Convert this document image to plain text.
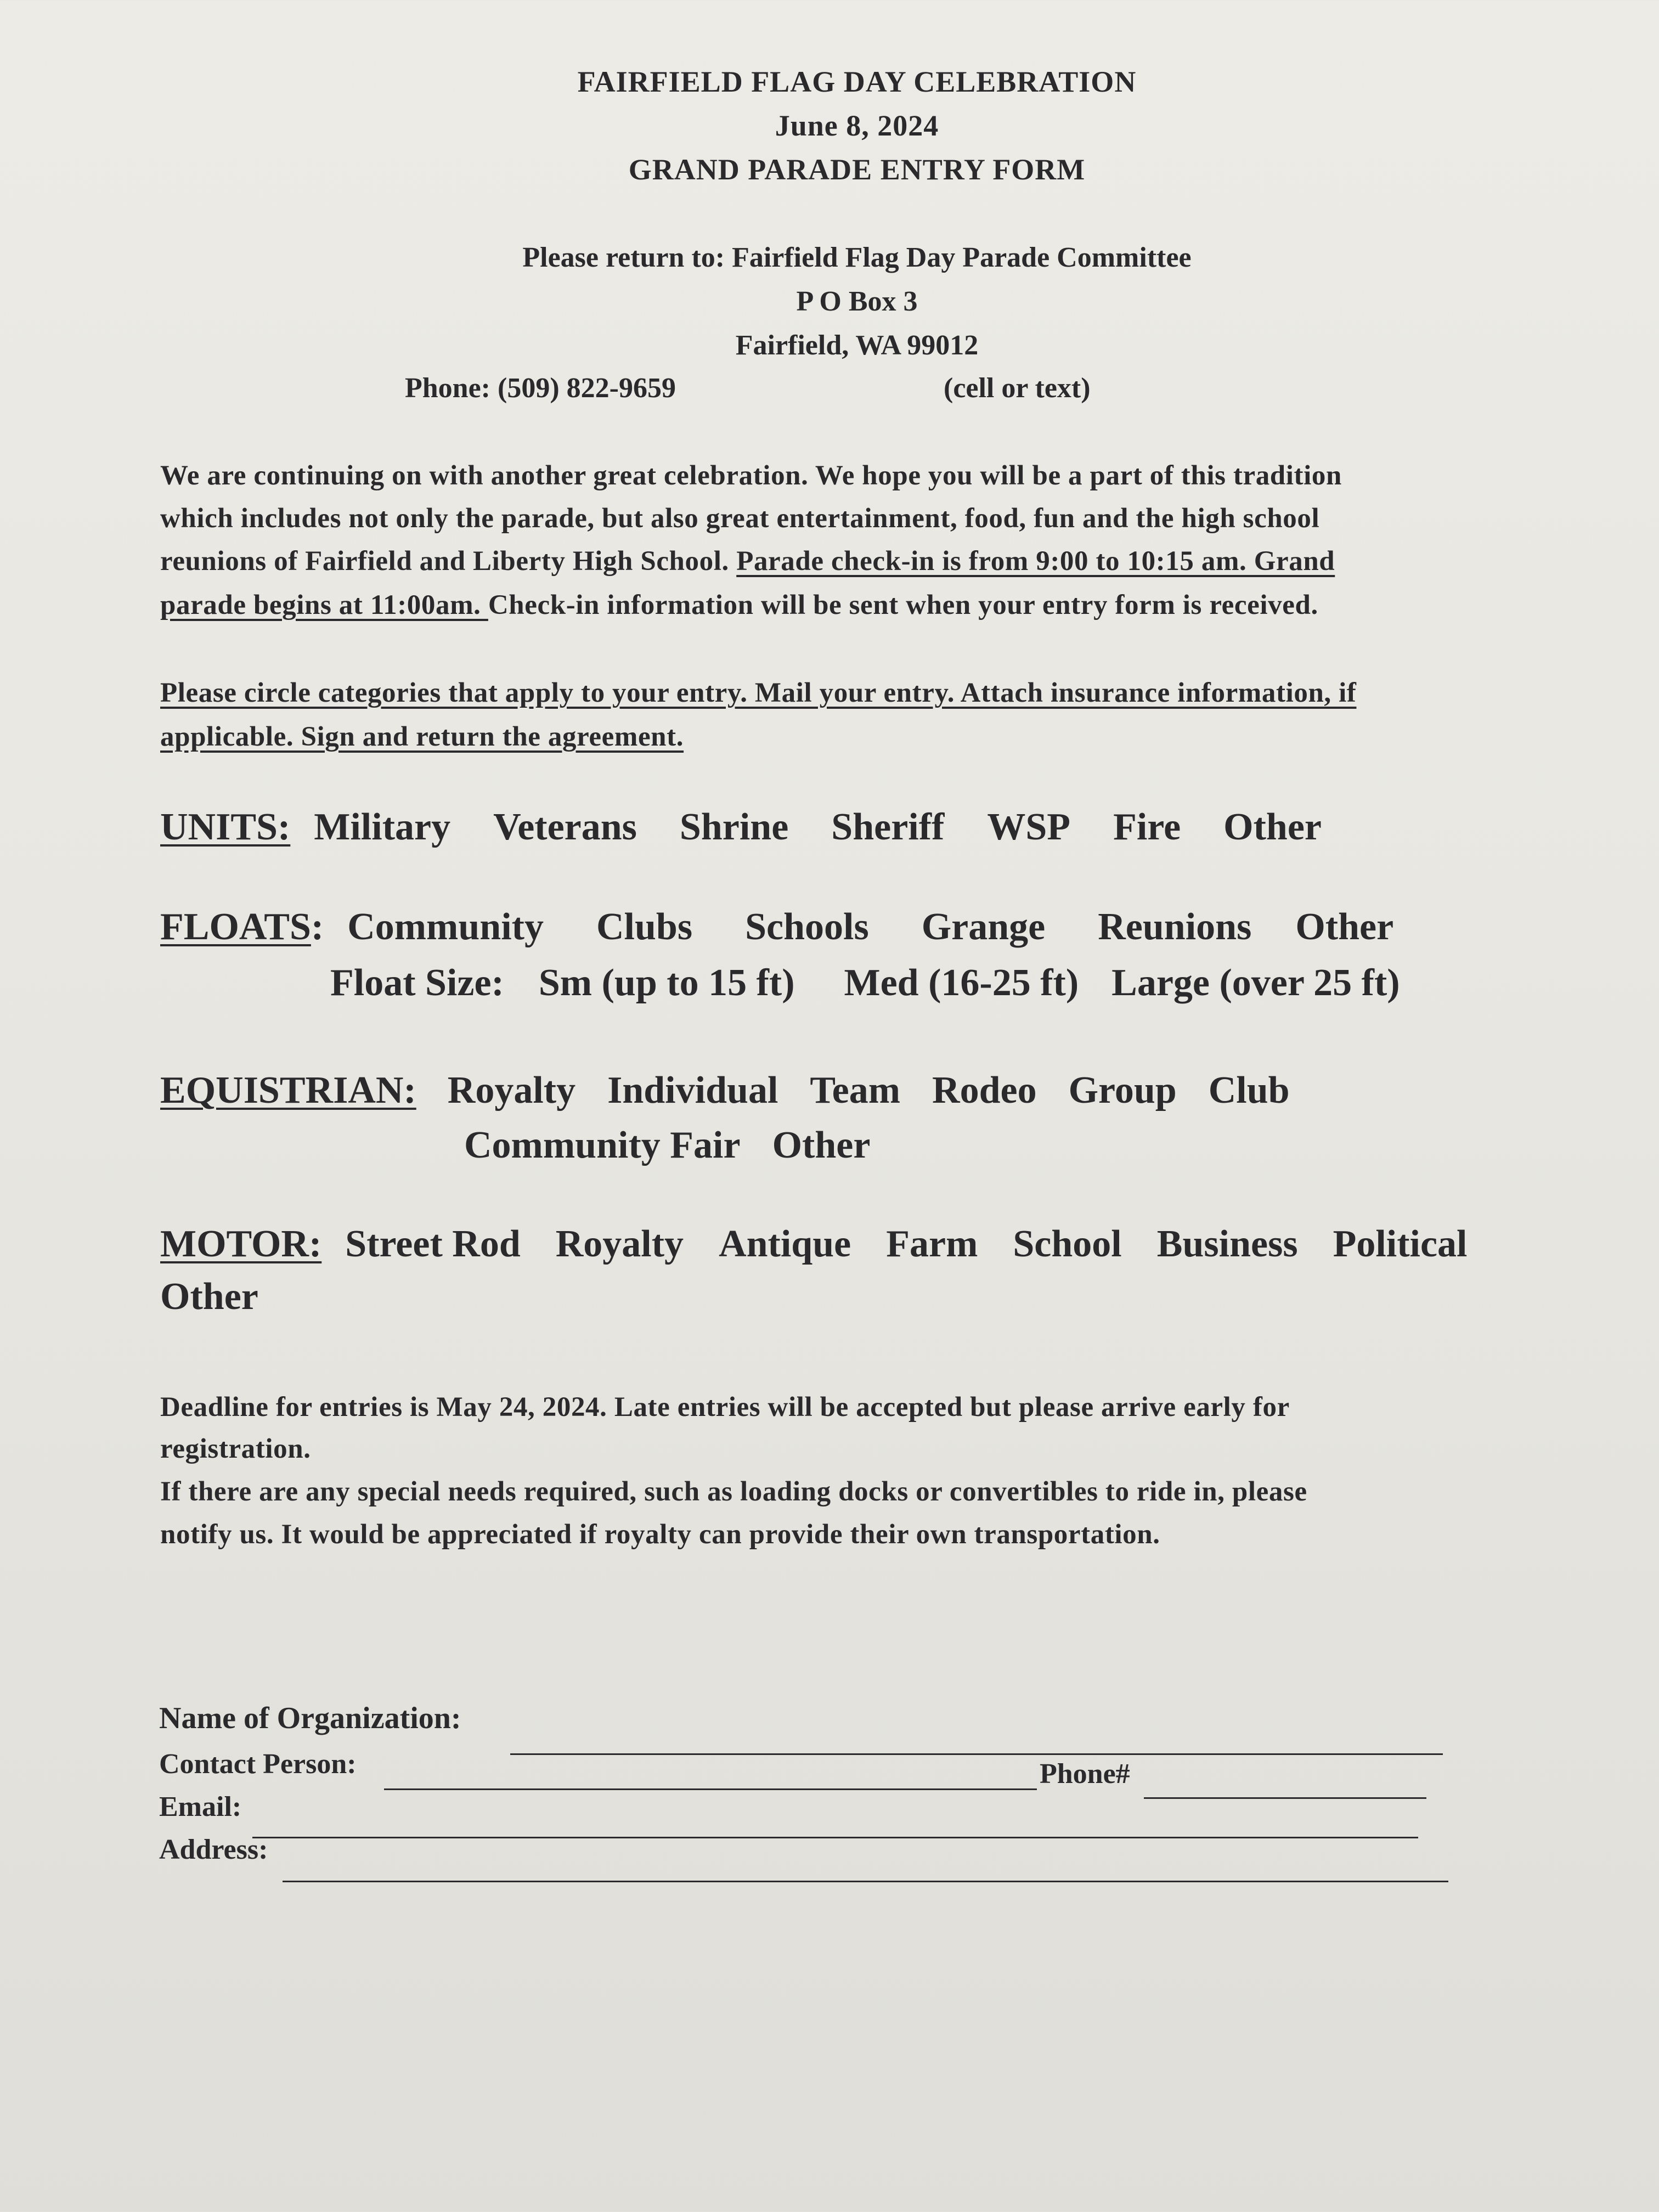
FAIRFIELD FLAG DAY CELEBRATION
June 8, 2024
GRAND PARADE ENTRY FORM
Please return to: Fairfield Flag Day Parade Committee
P O Box 3
Fairfield, WA 99012
Phone: (509) 822-9659	(cell or text)
We are continuing on with another great celebration. We hope you will be a part of this tradition
which includes not only the parade, but also great entertainment, food, fun and the high school
reunions of Fairfield and Liberty High School. Parade check-in is from 9:00 to 10:15 am. Grand
parade begins at 11:00am. Check-in information will be sent when your entry form is received.
Please circle categories that apply to your entry. Mail your entry. Attach insurance information, if
applicable. Sign and return the agreement.
UNITS: Military Veterans Shrine Sheriff WSP Fire Other
FLOATS: Community Clubs Schools Grange Reunions Other
Float Size: Sm (up to 15 ft) Med (16-25 ft) Large (over 25 ft)
EQUISTRIAN: Royalty Individual Team Rodeo Group Club
Community Fair Other
MOTOR: Street Rod Royalty Antique Farm School Business Political
Other
Deadline for entries is May 24, 2024. Late entries will be accepted but please arrive early for
registration.
If there are any special needs required, such as loading docks or convertibles to ride in, please
notify us. It would be appreciated if royalty can provide their own transportation.
Name of Organization:
Contact Person:	Phone#
Email:
Address:
